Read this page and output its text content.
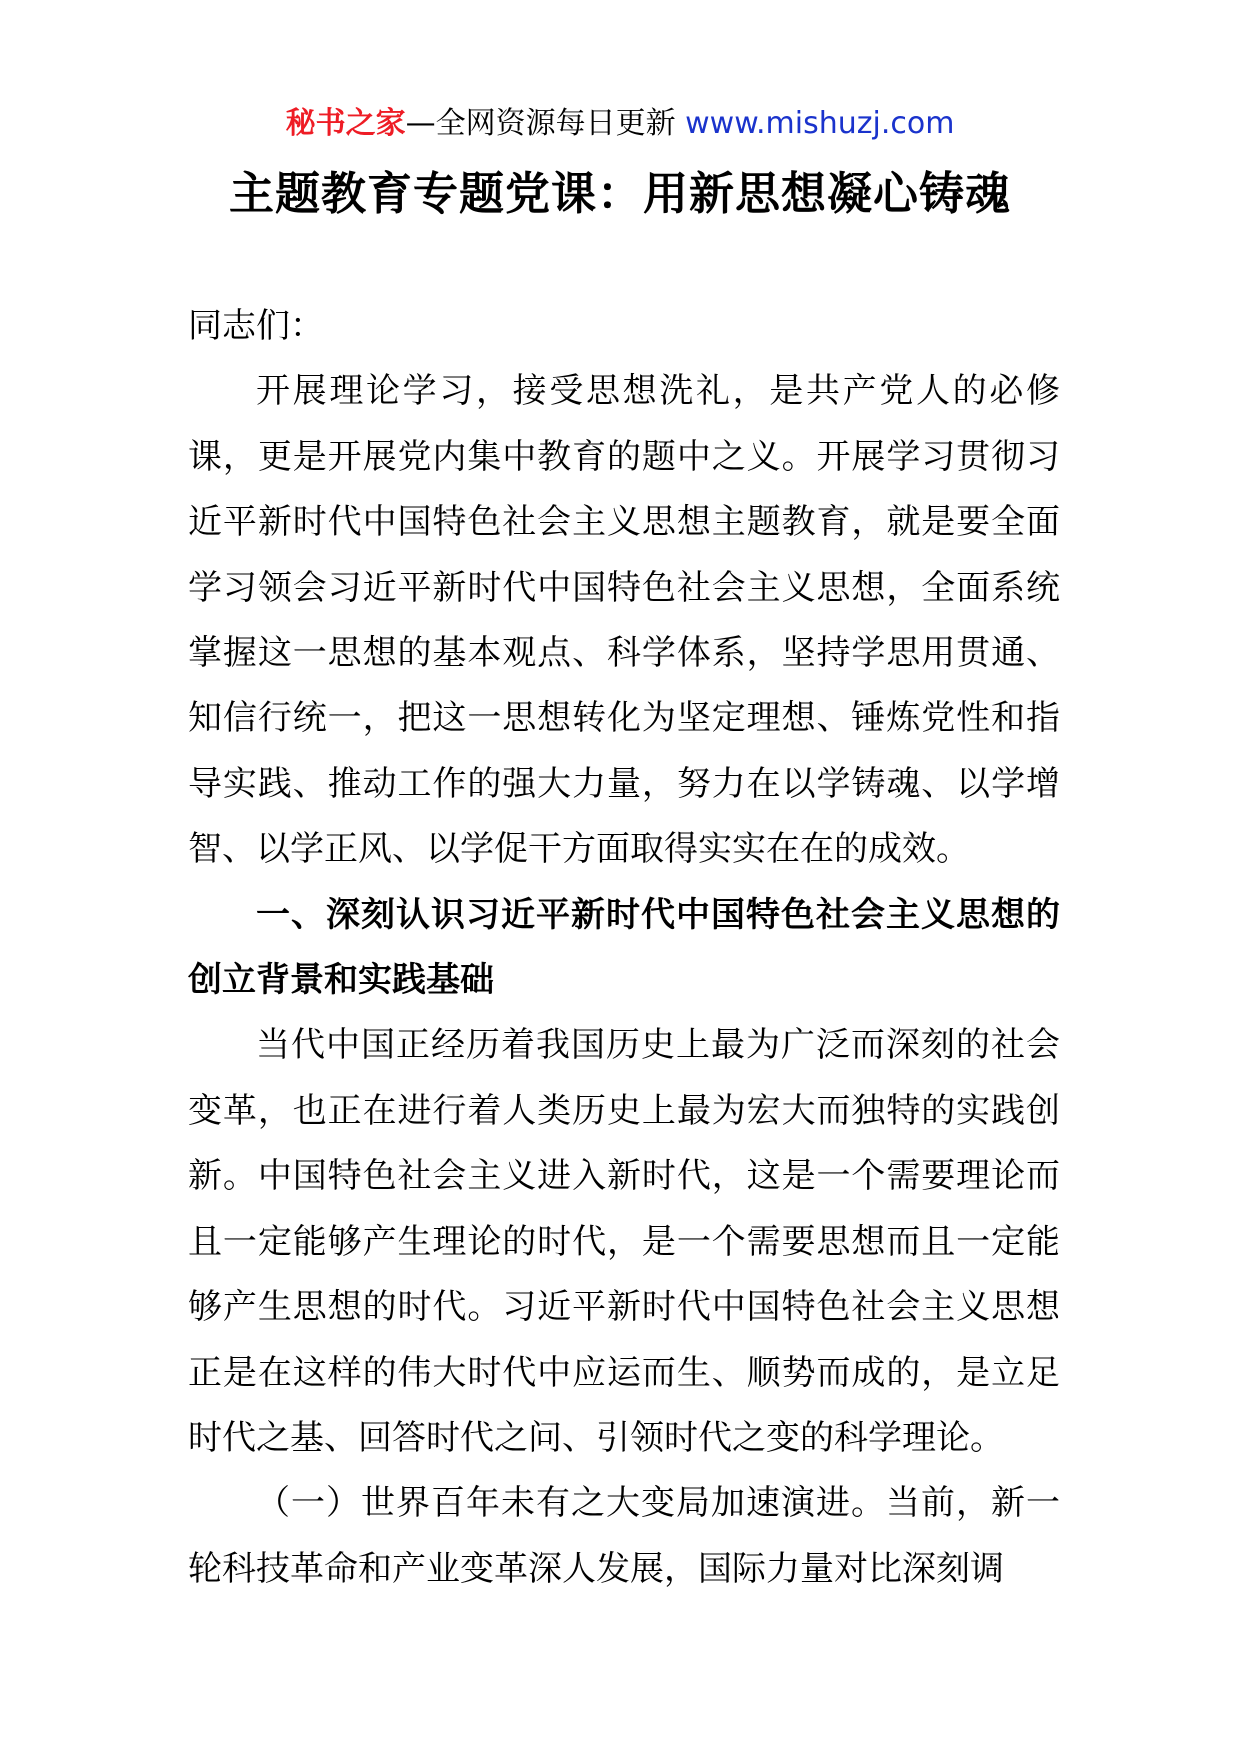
秘书之家—全网资源每日更新 www.mishuzj.com
主题教育专题党课：用新思想凝心铸魂

同志们：

开展理论学习，接受思想洗礼，是共产党人的必修课，更是开展党内集中教育的题中之义。开展学习贯彻习近平新时代中国特色社会主义思想主题教育，就是要全面学习领会习近平新时代中国特色社会主义思想，全面系统掌握这一思想的基本观点、科学体系，坚持学思用贯通、知信行统一，把这一思想转化为坚定理想、锤炼党性和指导实践、推动工作的强大力量，努力在以学铸魂、以学增智、以学正风、以学促干方面取得实实在在的成效。

一、深刻认识习近平新时代中国特色社会主义思想的创立背景和实践基础

当代中国正经历着我国历史上最为广泛而深刻的社会变革，也正在进行着人类历史上最为宏大而独特的实践创新。中国特色社会主义进入新时代，这是一个需要理论而且一定能够产生理论的时代，是一个需要思想而且一定能够产生思想的时代。习近平新时代中国特色社会主义思想正是在这样的伟大时代中应运而生、顺势而成的，是立足时代之基、回答时代之问、引领时代之变的科学理论。

（一）世界百年未有之大变局加速演进。当前，新一轮科技革命和产业变革深人发展，国际力量对比深刻调
